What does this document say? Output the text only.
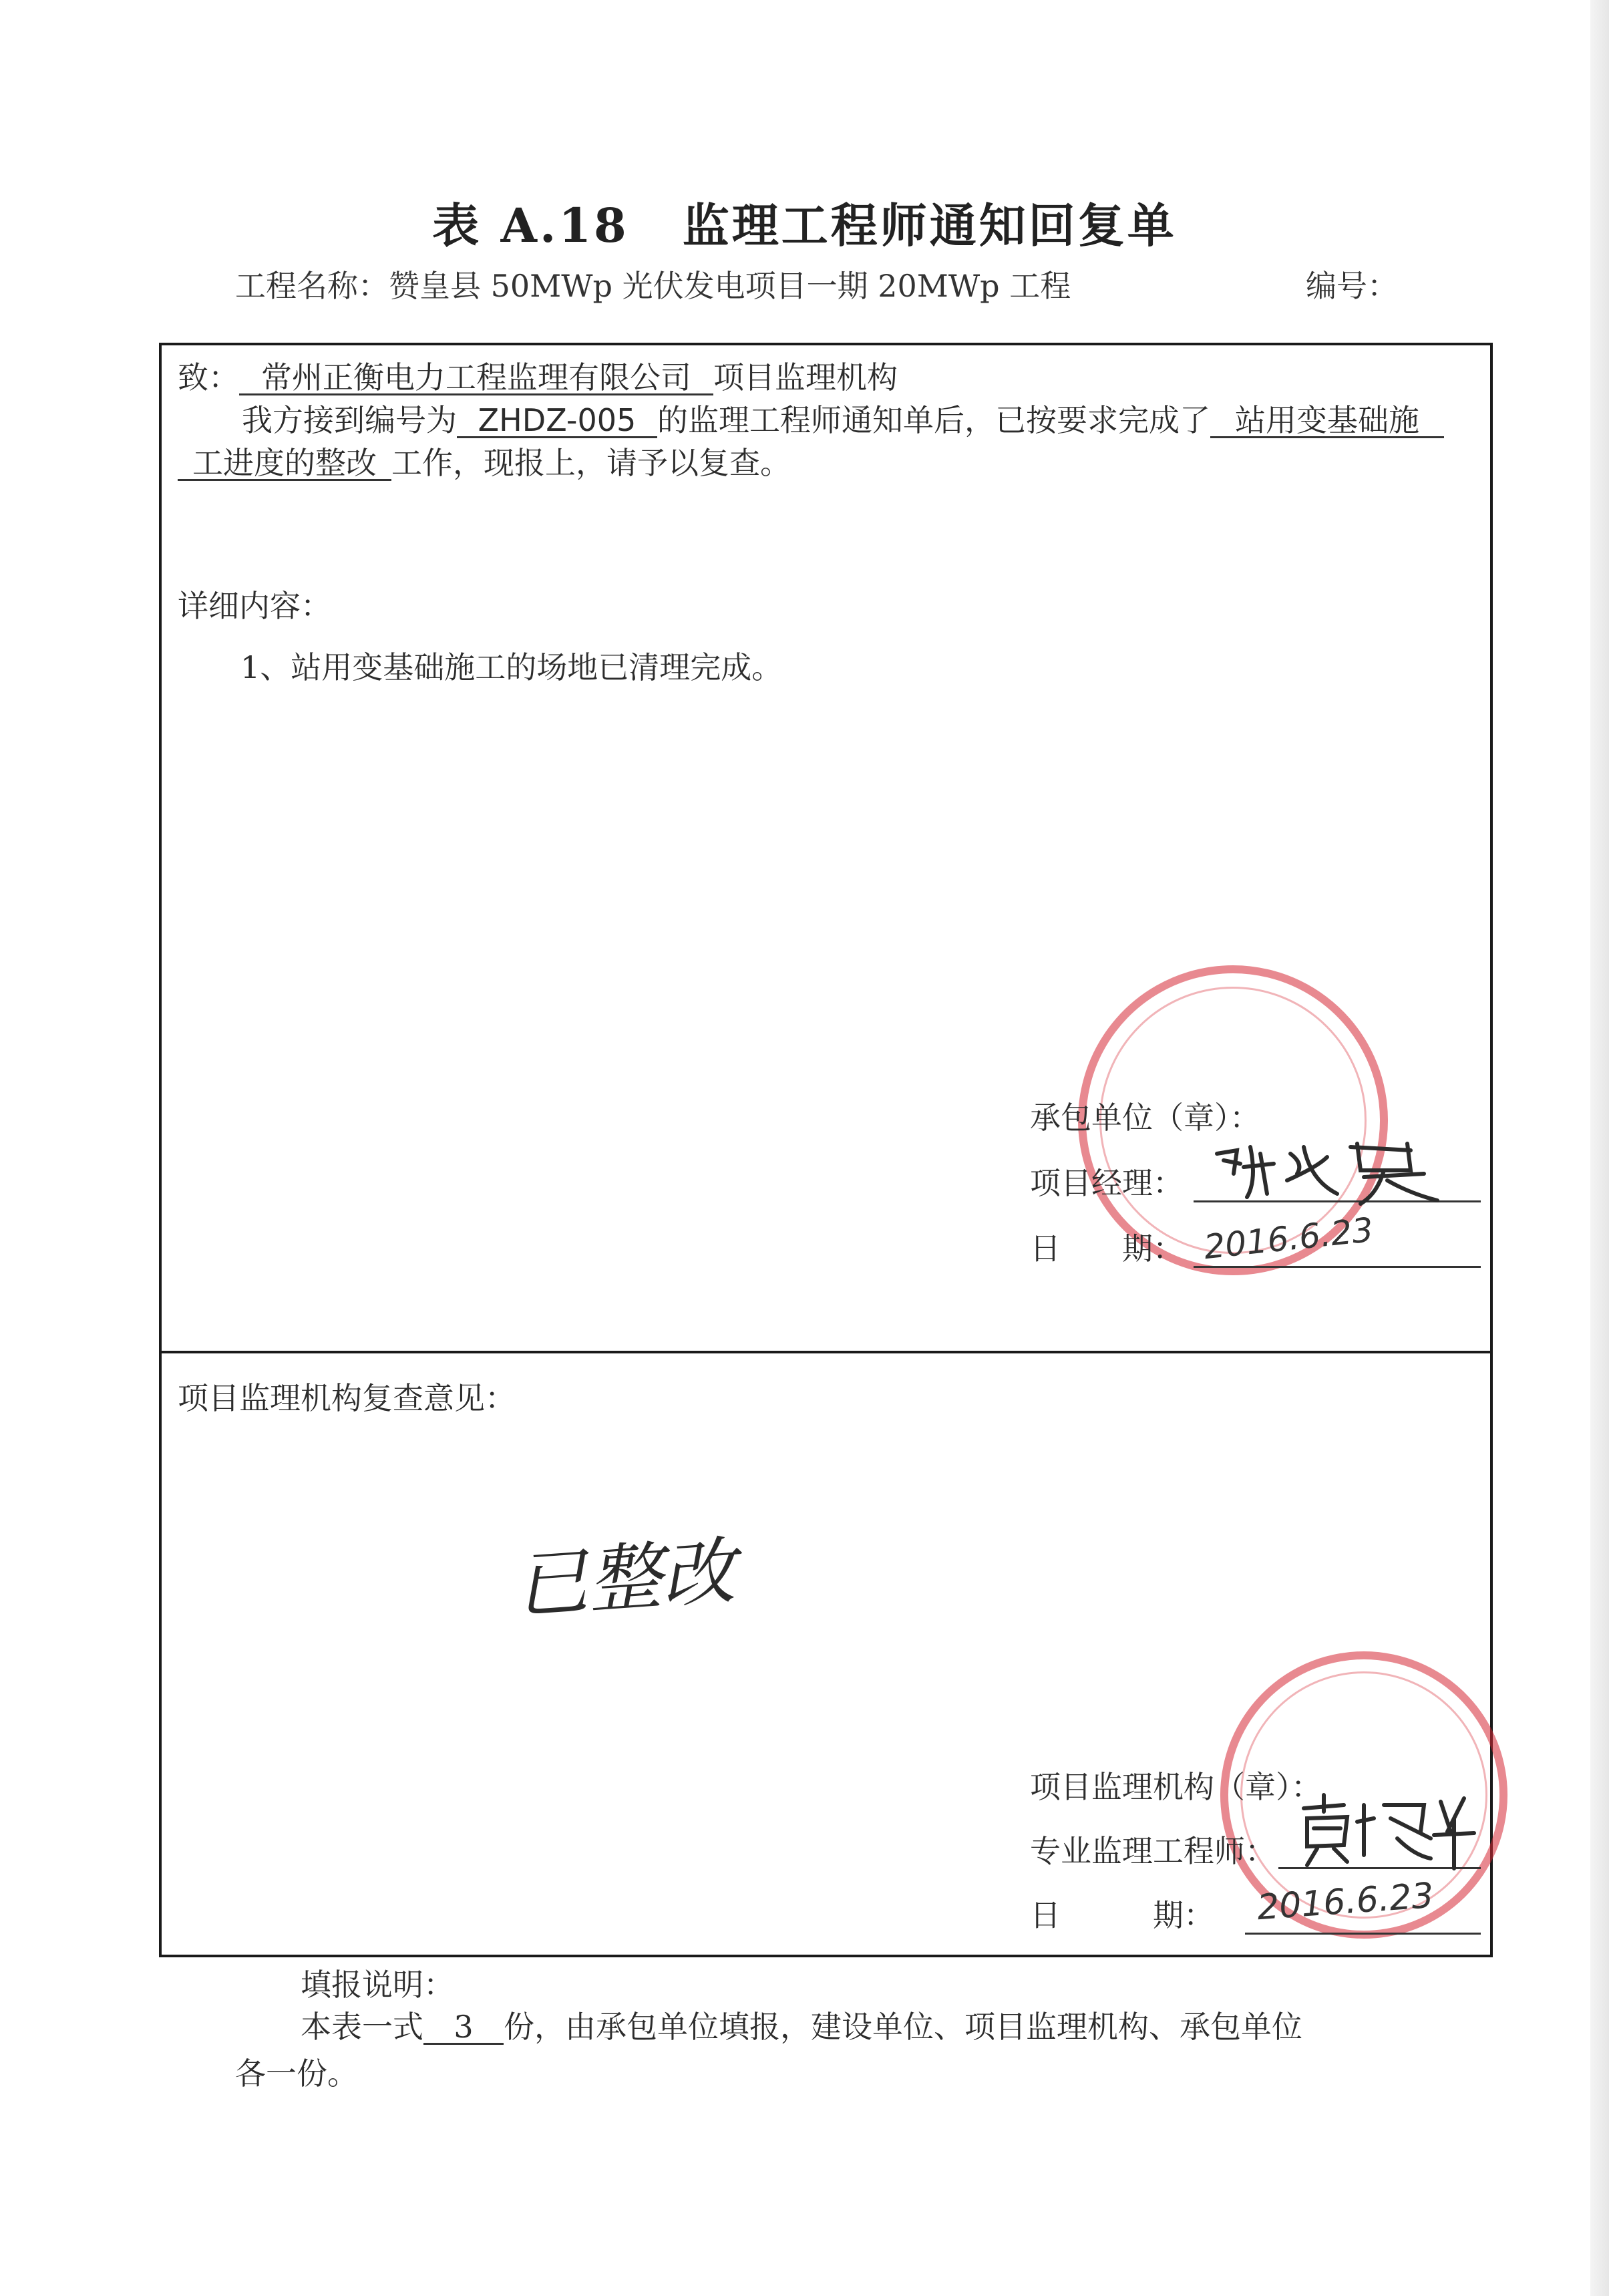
表 A.18 监理工程师通知回复单
工程名称：赞皇县 50MWp 光伏发电项目一期 20MWp 工程	编号：
致： 常州正衡电力工程监理有限公司 项目监理机构
我方接到编号为 ZHDZ-005 的监理工程师通知单后，已按要求完成了 站用变基础施
工进度的整改 工作，现报上，请予以复查。
详细内容：
1、站用变基础施工的场地已清理完成。
承包单位（章）：
项目经理：
日　　期： 2016.6.23
项目监理机构复查意见：
已整改
项目监理机构（章）：
专业监理工程师：
日　　　期： 2016.6.23
填报说明：
本表一式 3 份，由承包单位填报，建设单位、项目监理机构、承包单位
各一份。
